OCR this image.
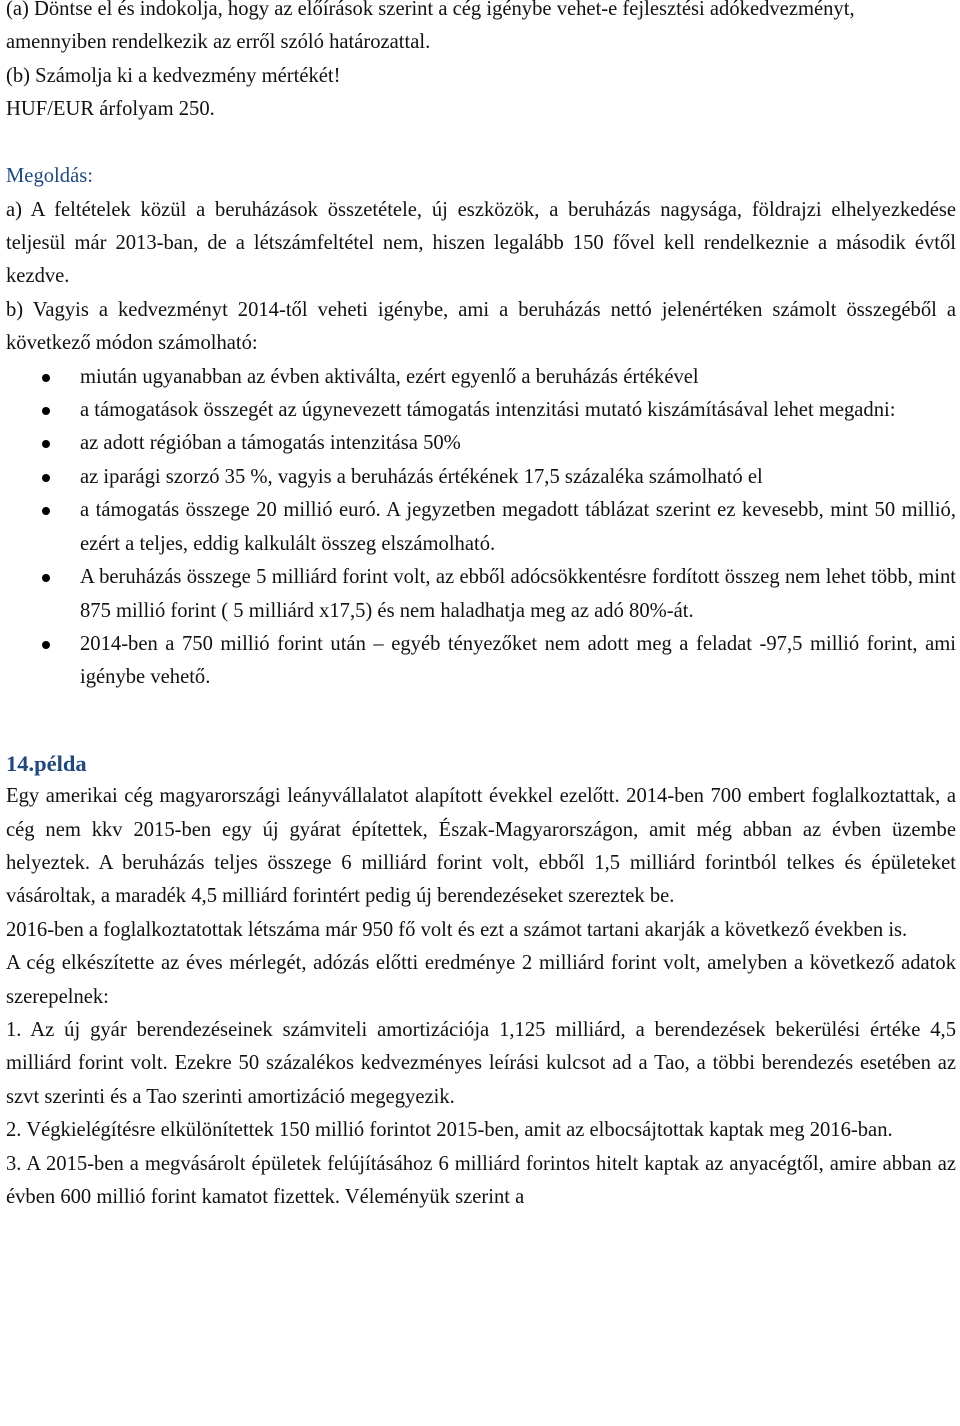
(a) Döntse el és indokolja, hogy az előírások szerint a cég igénybe vehet-e fejlesztési adókedvezményt, amennyiben rendelkezik az erről szóló határozattal.

(b) Számolja ki a kedvezmény mértékét!

HUF/EUR árfolyam 250.

Megoldás:

a) A feltételek közül a beruházások összetétele, új eszközök, a beruházás nagysága, földrajzi elhelyezkedése teljesül már 2013-ban, de a létszámfeltétel nem, hiszen legalább 150 fővel kell rendelkeznie a második évtől kezdve.

b) Vagyis a kedvezményt 2014-től veheti igénybe, ami a beruházás nettó jelenértéken számolt összegéből a következő módon számolható:

miután ugyanabban az évben aktiválta, ezért egyenlő a beruházás értékével
a támogatások összegét az úgynevezett támogatás intenzitási mutató kiszámításával lehet megadni:
az adott régióban a támogatás intenzitása 50%
az iparági szorzó 35 %, vagyis a beruházás értékének 17,5 százaléka számolható el
a támogatás összege 20 millió euró. A jegyzetben megadott táblázat szerint ez kevesebb, mint 50 millió, ezért a teljes, eddig kalkulált összeg elszámolható.
A beruházás összege 5 milliárd forint volt, az ebből adócsökkentésre fordított összeg nem lehet több, mint 875 millió forint ( 5 milliárd x17,5) és nem haladhatja meg az adó 80%-át.
2014-ben a 750 millió forint után – egyéb tényezőket nem adott meg a feladat -97,5 millió forint, ami igénybe vehető.

14.példa

Egy amerikai cég magyarországi leányvállalatot alapított évekkel ezelőtt. 2014-ben 700 embert foglalkoztattak, a cég nem kkv 2015-ben egy új gyárat építettek, Észak-Magyarországon, amit még abban az évben üzembe helyeztek. A beruházás teljes összege 6 milliárd forint volt, ebből 1,5 milliárd forintból telkes és épületeket vásároltak, a maradék 4,5 milliárd forintért pedig új berendezéseket szereztek be.

2016-ben a foglalkoztatottak létszáma már 950 fő volt és ezt a számot tartani akarják a következő években is.

A cég elkészítette az éves mérlegét, adózás előtti eredménye 2 milliárd forint volt, amelyben a következő adatok szerepelnek:

1. Az új gyár berendezéseinek számviteli amortizációja 1,125 milliárd, a berendezések bekerülési értéke 4,5 milliárd forint volt. Ezekre 50 százalékos kedvezményes leírási kulcsot ad a Tao, a többi berendezés esetében az szvt szerinti és a Tao szerinti amortizáció megegyezik.

2. Végkielégítésre elkülönítettek 150 millió forintot 2015-ben, amit az elbocsájtottak kaptak meg 2016-ban.

3. A 2015-ben a megvásárolt épületek felújításához 6 milliárd forintos hitelt kaptak az anyacégtől, amire abban az évben 600 millió forint kamatot fizettek. Véleményük szerint a
